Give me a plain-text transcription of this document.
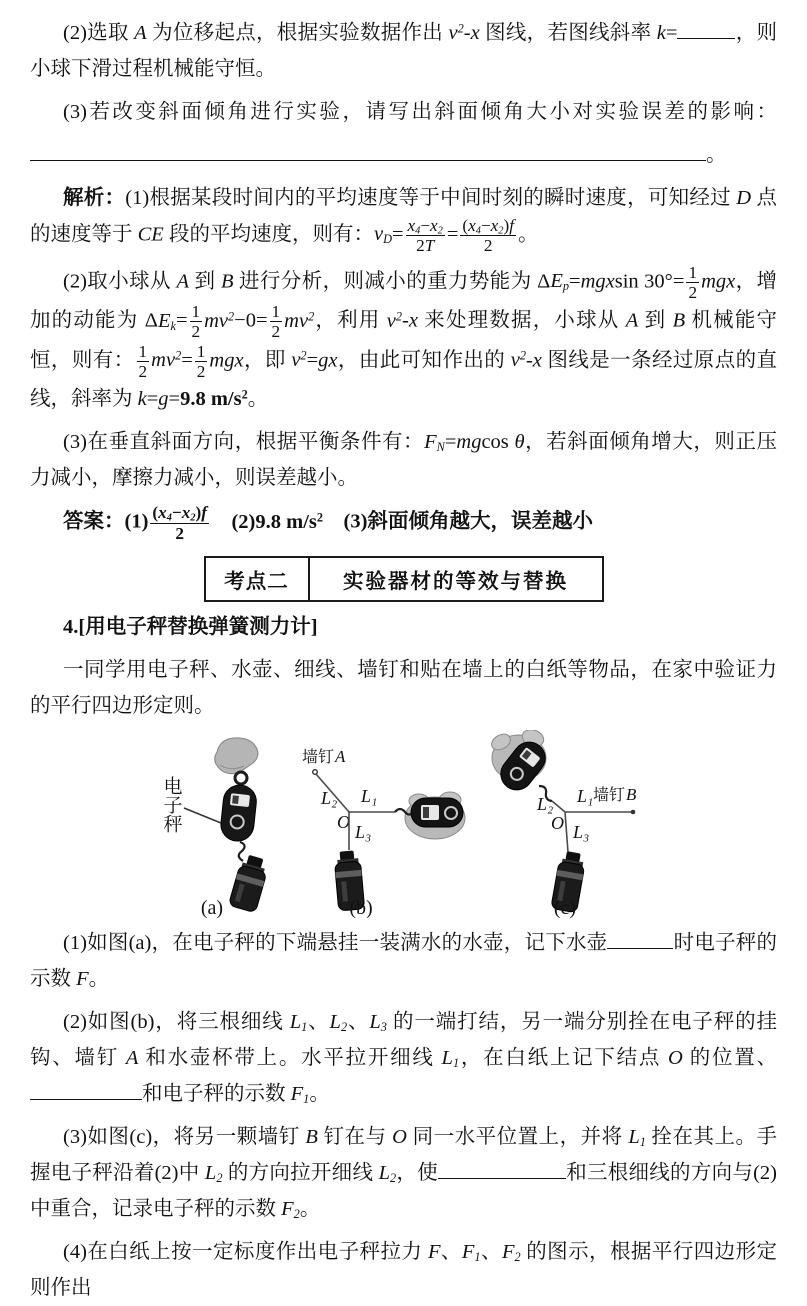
(2)选取 A 为位移起点，根据实验数据作出 $v^2-x$ 图线，若图线斜率 k=	，则小球下滑过程机械能守恒。

(3)若改变斜面倾角进行实验，请写出斜面倾角大小对实验误差的影响：

。

解析：(1)根据某段时间内的平均速度等于中间时刻的瞬时速度，可知经过 D 点的速度等于 CE 段的平均速度，则有：$v_D= \frac{x_4-x_2}{2T} = \frac{(x_4-x_2)f}{2}$ 。

(2)取小球从 A 到 B 进行分析，则减小的重力势能为 $\Delta E_p=mgxsin$ $30^\circ= \frac{1}{2}$ mgx，增加的动能为 $\Delta E_k= \frac{1}{2} mv^2-0= \frac{1}{2} mv^2$，利用 $v^2-x$ 来处理数据，小球从 A 到 B 机械能守恒，则有： $\frac{1}{2} mv^2= \frac{1}{2}$ mgx，即 $v^2=gx$，由此可知作出的 $v^2-x$ 图线是一条经过原点的直线，斜率为 k=g=9.8 $m/s^2$。

(3)在垂直斜面方向，根据平衡条件有：$F_N=mgcos$ θ，若斜面倾角增大，则正压力减小，摩擦力减小，则误差越小。

答案：$(1) \frac{(x_4-x_2)f}{2}$ 　(2)9.8 $m/s^2$　(3)斜面倾角越大，误差越小

考点二	实验器材的等效与替换

4.[用电子秤替换弹簧测力计]

一同学用电子秤、水壶、细线、墙钉和贴在墙上的白纸等物品，在家中验证力的平行四边形定则。

电子秤
(a)
墙钉 A
L₂ L₁
O L₃
(b)
L₂ L₁ 墙钉 B
O L₃
(c)

(1)如图(a)，在电子秤的下端悬挂一装满水的水壶，记下水壶	时电子秤的示数 F。

(2)如图(b)，将三根细线 $L_1$、$L_2$、$L_3$ 的一端打结，另一端分别拴在电子秤的挂钩、墙钉 A 和水壶杯带上。水平拉开细线 $L_1$，在白纸上记下结点 O 的位置、和电子秤的示数 $F_1$。

(3)如图(c)，将另一颗墙钉 B 钉在与 O 同一水平位置上，并将 $L_1$ 拴在其上。手握电子秤沿着(2)中 $L_2$ 的方向拉开细线 $L_2$，使	和三根细线的方向与(2)中重合，记录电子秤的示数 $F_2$。

(4)在白纸上按一定标度作出电子秤拉力 F、$F_1$、$F_2$ 的图示，根据平行四边形定则作出
